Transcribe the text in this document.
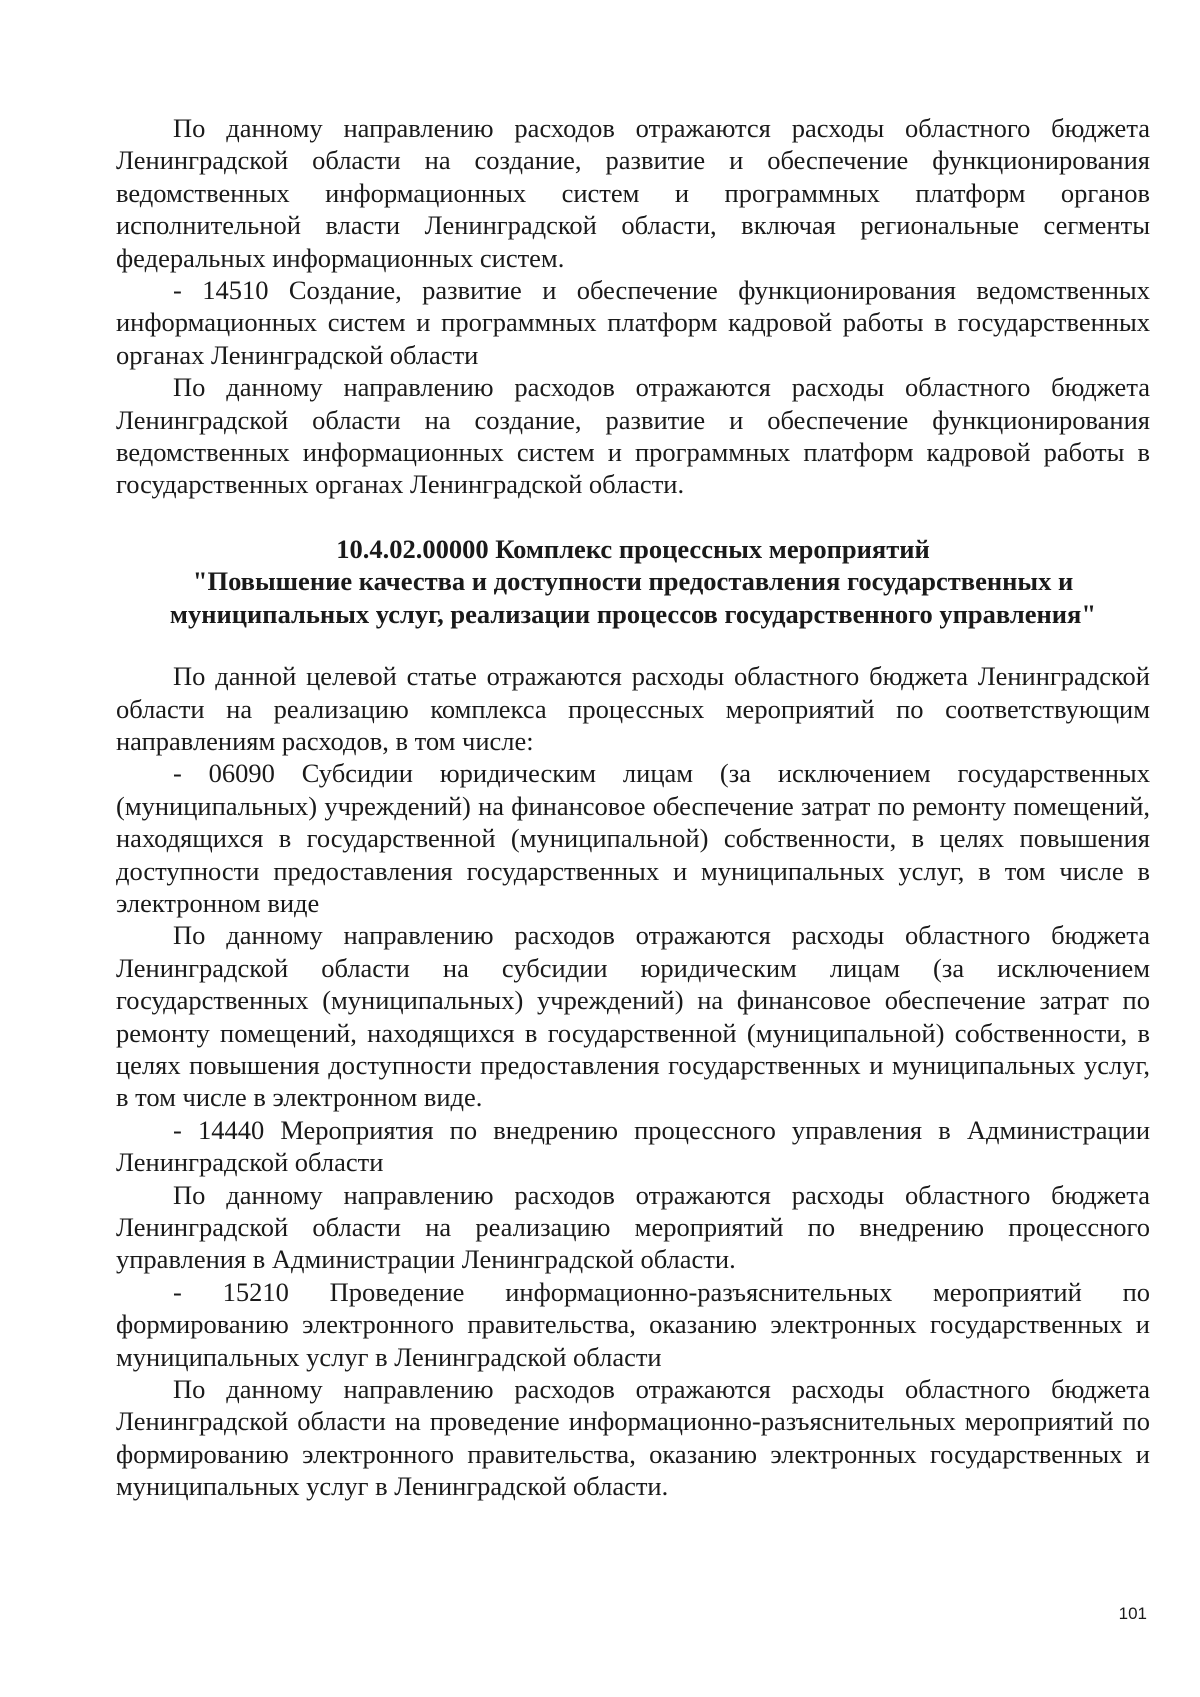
По данному направлению расходов отражаются расходы областного бюджета Ленинградской области на создание, развитие и обеспечение функционирования ведомственных информационных систем и программных платформ органов исполнительной власти Ленинградской области, включая региональные сегменты федеральных информационных систем.

- 14510 Создание, развитие и обеспечение функционирования ведомственных информационных систем и программных платформ кадровой работы в государственных органах Ленинградской области

По данному направлению расходов отражаются расходы областного бюджета Ленинградской области на создание, развитие и обеспечение функционирования ведомственных информационных систем и программных платформ кадровой работы в государственных органах Ленинградской области.

10.4.02.00000 Комплекс процессных мероприятий
"Повышение качества и доступности предоставления государственных и
муниципальных услуг, реализации процессов государственного управления"

По данной целевой статье отражаются расходы областного бюджета Ленинградской области на реализацию комплекса процессных мероприятий по соответствующим направлениям расходов, в том числе:

- 06090 Субсидии юридическим лицам (за исключением государственных (муниципальных) учреждений) на финансовое обеспечение затрат по ремонту помещений, находящихся в государственной (муниципальной) собственности, в целях повышения доступности предоставления государственных и муниципальных услуг, в том числе в электронном виде

По данному направлению расходов отражаются расходы областного бюджета Ленинградской области на субсидии юридическим лицам (за исключением государственных (муниципальных) учреждений) на финансовое обеспечение затрат по ремонту помещений, находящихся в государственной (муниципальной) собственности, в целях повышения доступности предоставления государственных и муниципальных услуг, в том числе в электронном виде.

- 14440 Мероприятия по внедрению процессного управления в Администрации Ленинградской области

По данному направлению расходов отражаются расходы областного бюджета Ленинградской области на реализацию мероприятий по внедрению процессного управления в Администрации Ленинградской области.

- 15210 Проведение информационно-разъяснительных мероприятий по формированию электронного правительства, оказанию электронных государственных и муниципальных услуг в Ленинградской области

По данному направлению расходов отражаются расходы областного бюджета Ленинградской области на проведение информационно-разъяснительных мероприятий по формированию электронного правительства, оказанию электронных государственных и муниципальных услуг в Ленинградской области.

101
